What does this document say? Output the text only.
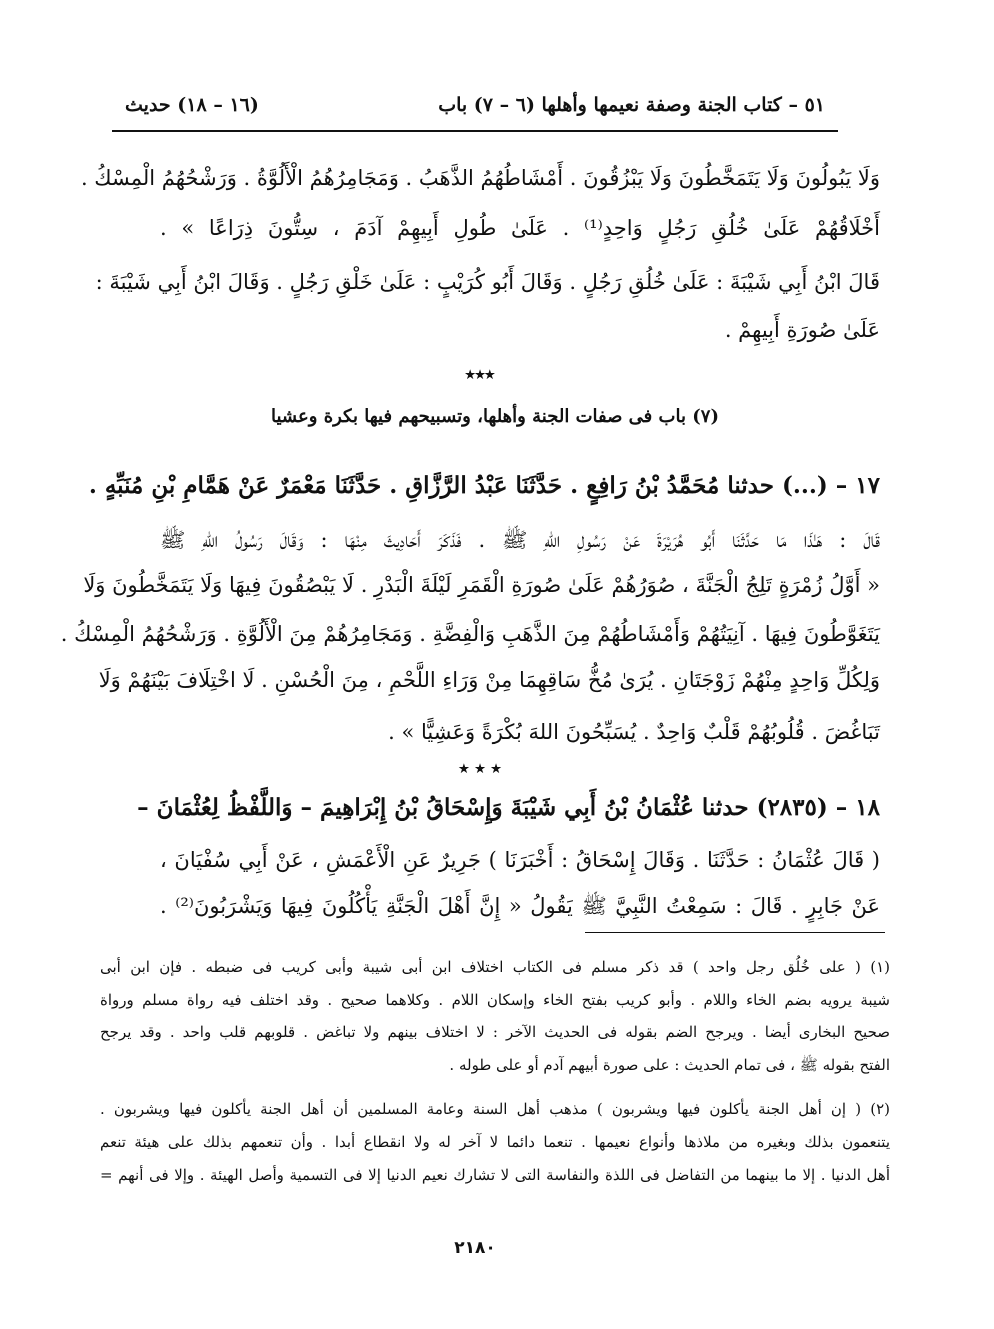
٥١ – كتاب الجنة وصفة نعيمها وأهلها (٦ – ٧) باب
(١٦ – ١٨) حديث
وَلَا يَبُولُونَ وَلَا يَتَمَخَّطُونَ وَلَا يَبْزُقُونَ . أَمْشَاطُهُمُ الذَّهَبُ . وَمَجَامِرُهُمُ الْأَلُوَّةُ . وَرَشْحُهُمُ الْمِسْكُ .
أَخْلَاقُهُمْ عَلَىٰ خُلُقِ رَجُلٍ وَاحِدٍ⁽¹⁾ . عَلَىٰ طُولِ أَبِيهِمْ آدَمَ ، سِتُّونَ ذِرَاعًا » .
قَالَ ابْنُ أَبِي شَيْبَةَ : عَلَىٰ خُلُقِ رَجُلٍ . وَقَالَ أَبُو كُرَيْبٍ : عَلَىٰ خَلْقِ رَجُلٍ . وَقَالَ ابْنُ أَبِي شَيْبَةَ :
عَلَىٰ صُورَةِ أَبِيهِمْ .
٭٭٭
(٧) باب فى صفات الجنة وأهلها، وتسبيحهم فيها بكرة وعشيا
١٧ – (...) حدثنا مُحَمَّدُ بْنُ رَافِعٍ . حَدَّثَنَا عَبْدُ الرَّزَّاقِ . حَدَّثَنَا مَعْمَرٌ عَنْ هَمَّامِ بْنِ مُنَبِّهٍ .
قَالَ : هَـٰذَا مَا حَدَّثَنَا أَبُو هُرَيْرَةَ عَنْ رَسُولِ اللهِ ﷺ . فَذَكَرَ أَحَادِيثَ مِنْهَا : وَقَالَ رَسُولُ اللهِ ﷺ
« أَوَّلُ زُمْرَةٍ تَلِجُ الْجَنَّةَ ، صُوَرُهُمْ عَلَىٰ صُورَةِ الْقَمَرِ لَيْلَةَ الْبَدْرِ . لَا يَبْصُقُونَ فِيهَا وَلَا يَتَمَخَّطُونَ وَلَا
يَتَغَوَّطُونَ فِيهَا . آنِيَتُهُمْ وَأَمْشَاطُهُمْ مِنَ الذَّهَبِ وَالْفِضَّةِ . وَمَجَامِرُهُمْ مِنَ الْأَلُوَّةِ . وَرَشْحُهُمُ الْمِسْكُ .
وَلِكُلِّ وَاحِدٍ مِنْهُمْ زَوْجَتَانِ . يُرَىٰ مُخُّ سَاقِهِمَا مِنْ وَرَاءِ اللَّحْمِ ، مِنَ الْحُسْنِ . لَا اخْتِلَافَ بَيْنَهُمْ وَلَا
تَبَاغُضَ . قُلُوبُهُمْ قَلْبٌ وَاحِدٌ . يُسَبِّحُونَ اللهَ بُكْرَةً وَعَشِيًّا » .
٭ ٭ ٭
١٨ – (٢٨٣٥) حدثنا عُثْمَانُ بْنُ أَبِي شَيْبَةَ وَإِسْحَاقُ بْنُ إِبْرَاهِيمَ – وَاللَّفْظُ لِعُثْمَانَ –
( قَالَ عُثْمَانُ : حَدَّثَنَا . وَقَالَ إِسْحَاقُ : أَخْبَرَنَا ) جَرِيرٌ عَنِ الْأَعْمَشِ ، عَنْ أَبِي سُفْيَانَ ،
عَنْ جَابِرٍ . قَالَ : سَمِعْتُ النَّبِيَّ ﷺ يَقُولُ « إِنَّ أَهْلَ الْجَنَّةِ يَأْكُلُونَ فِيهَا وَيَشْرَبُونَ⁽²⁾ .
(١) ( على خُلُق رجل واحد ) قد ذكر مسلم فى الكتاب اختلاف ابن أبى شيبة وأبى كريب فى ضبطه . فإن ابن أبى
شيبة يرويه بضم الخاء واللام . وأبو كريب بفتح الخاء وإسكان اللام . وكلاهما صحيح . وقد اختلف فيه رواة مسلم ورواة
صحيح البخارى أيضا . ويرجح الضم بقوله فى الحديث الآخر : لا اختلاف بينهم ولا تباغض . قلوبهم قلب واحد . وقد يرجح
الفتح بقوله ﷺ ، فى تمام الحديث : على صورة أبيهم آدم أو على طوله .
(٢) ( إن أهل الجنة يأكلون فيها ويشربون ) مذهب أهل السنة وعامة المسلمين أن أهل الجنة يأكلون فيها ويشربون .
يتنعمون بذلك وبغيره من ملاذها وأنواع نعيمها . تنعما دائما لا آخر له ولا انقطاع أبدا . وأن تنعمهم بذلك على هيئة تنعم
أهل الدنيا . إلا ما بينهما من التفاضل فى اللذة والنفاسة التى لا تشارك نعيم الدنيا إلا فى التسمية وأصل الهيئة . وإلا فى أنهم =
٢١٨٠
